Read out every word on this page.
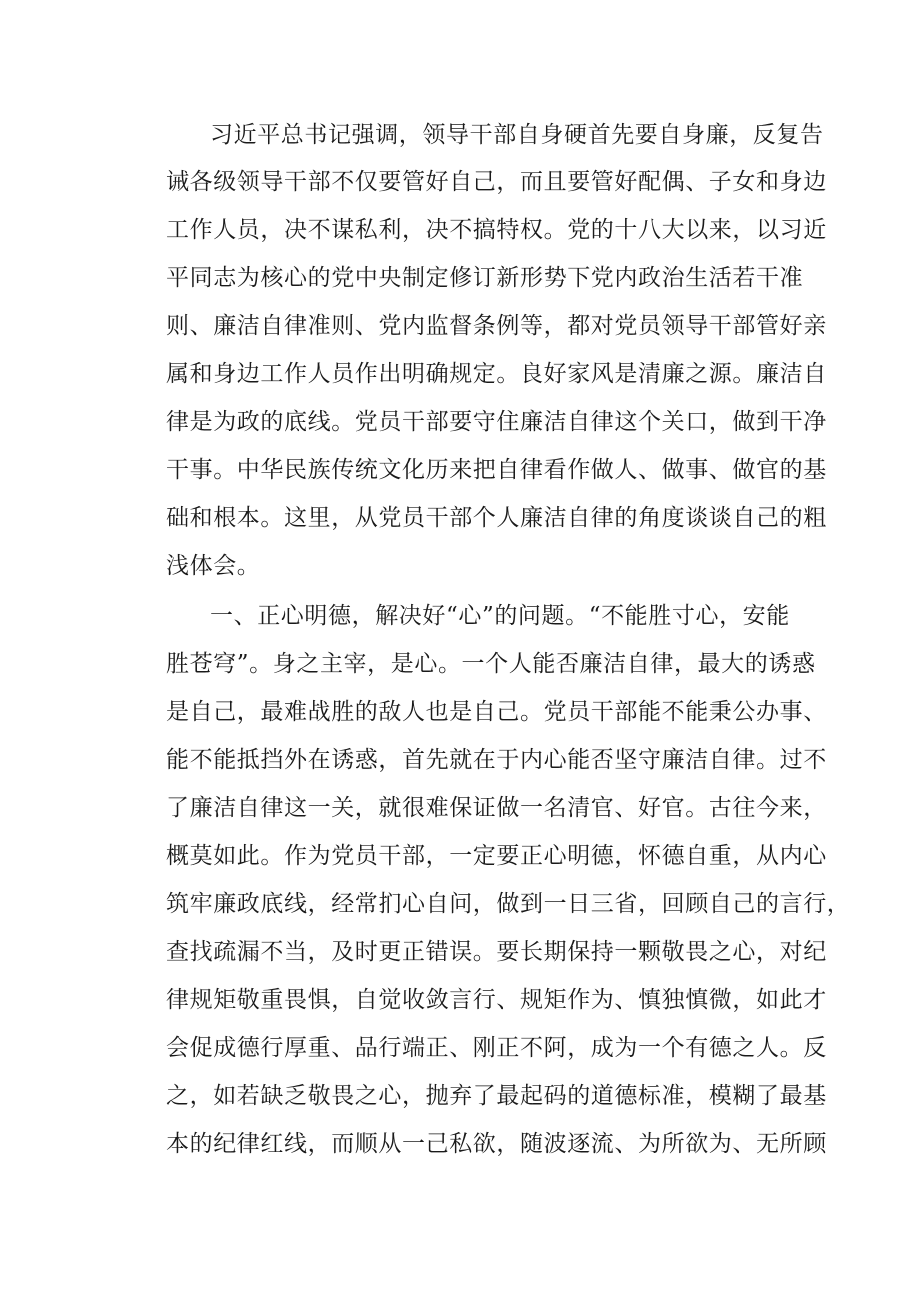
习近平总书记强调，领导干部自身硬首先要自身廉，反复告
诫各级领导干部不仅要管好自己，而且要管好配偶、子女和身边
工作人员，决不谋私利，决不搞特权。党的十八大以来，以习近
平同志为核心的党中央制定修订新形势下党内政治生活若干准
则、廉洁自律准则、党内监督条例等，都对党员领导干部管好亲
属和身边工作人员作出明确规定。良好家风是清廉之源。廉洁自
律是为政的底线。党员干部要守住廉洁自律这个关口，做到干净
干事。中华民族传统文化历来把自律看作做人、做事、做官的基
础和根本。这里，从党员干部个人廉洁自律的角度谈谈自己的粗
浅体会。
一、正心明德，解决好“心”的问题。“不能胜寸心，安能
胜苍穹”。身之主宰，是心。一个人能否廉洁自律，最大的诱惑
是自己，最难战胜的敌人也是自己。党员干部能不能秉公办事、
能不能抵挡外在诱惑，首先就在于内心能否坚守廉洁自律。过不
了廉洁自律这一关，就很难保证做一名清官、好官。古往今来，
概莫如此。作为党员干部，一定要正心明德，怀德自重，从内心
筑牢廉政底线，经常扪心自问，做到一日三省，回顾自己的言行，
查找疏漏不当，及时更正错误。要长期保持一颗敬畏之心，对纪
律规矩敬重畏惧，自觉收敛言行、规矩作为、慎独慎微，如此才
会促成德行厚重、品行端正、刚正不阿，成为一个有德之人。反
之，如若缺乏敬畏之心，抛弃了最起码的道德标准，模糊了最基
本的纪律红线，而顺从一己私欲，随波逐流、为所欲为、无所顾
